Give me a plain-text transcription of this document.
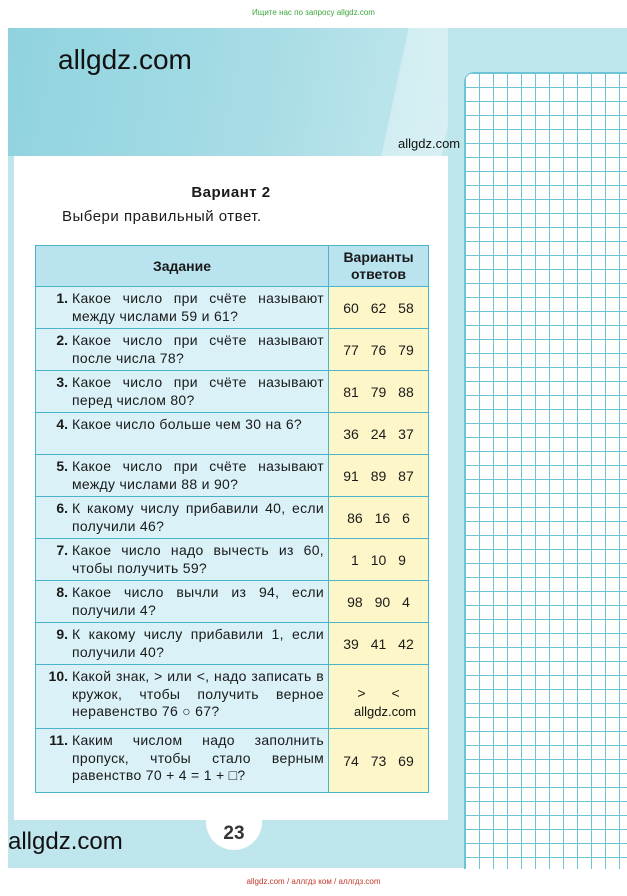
Ищите нас по запросу allgdz.com
allgdz.com
allgdz.com
Вариант 2
Выбери правильный ответ.
Задание	Варианты ответов

1. Какое число при счёте называют между числами 59 и 61?	60 62 58

2. Какое число при счёте называют после числа 78?	77 76 79

3. Какое число при счёте называют перед числом 80?	81 79 88

4. Какое число больше чем 30 на 6?	36 24 37

5. Какое число при счёте называют между числами 88 и 90?	91 89 87

6. К какому числу прибавили 40, если получили 46?	86 16 6

7. Какое число надо вычесть из 60, чтобы получить 59?	1 10 9

8. Какое число вычли из 94, если получили 4?	98 90 4

9. К какому числу прибавили 1, если получили 40?	39 41 42

10. Какой знак, > или <, надо записать в кружок, чтобы получить верное неравенство 76 ○ 67?	> <

11. Каким числом надо заполнить пропуск, чтобы стало верным равенство 70 + 4 = 1 + □?	74 73 69
allgdz.com
allgdz.com	23
allgdz.com / аллгдз ком / аллгдз.com
